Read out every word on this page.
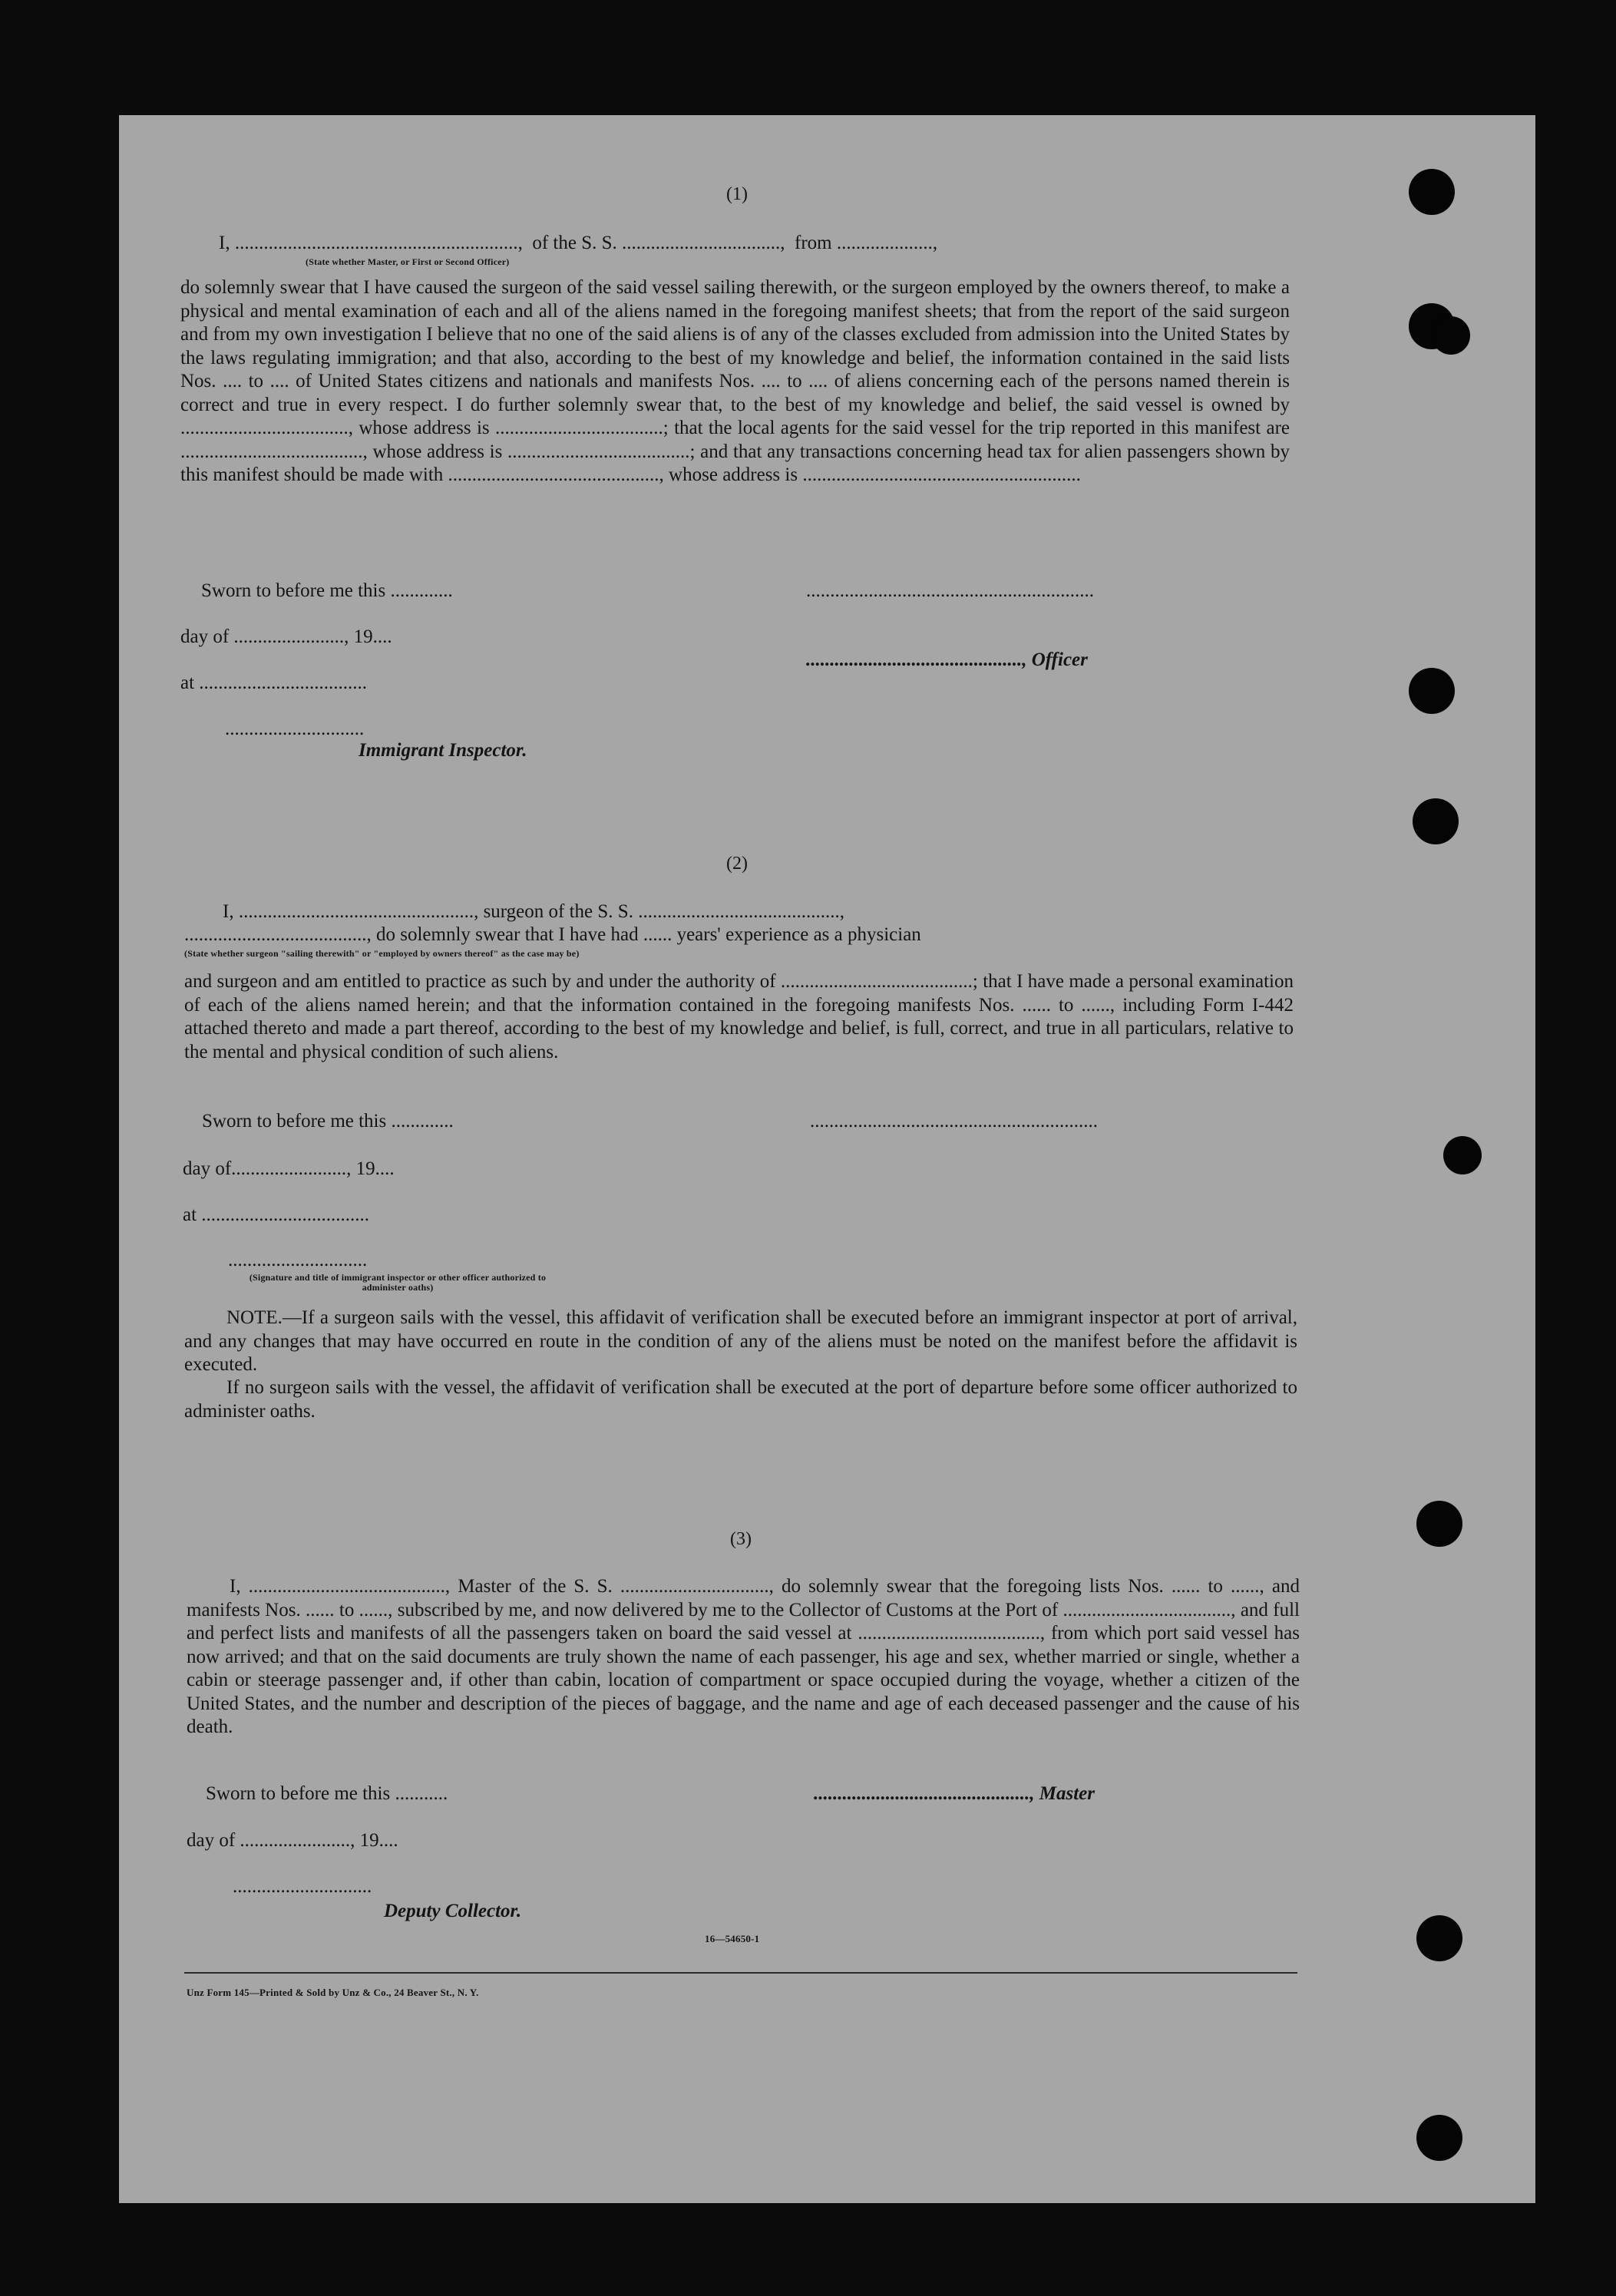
(1)
I, ...........................................................,  of the S. S. .................................,  from ....................,
(State whether Master, or First or Second Officer)
do solemnly swear that I have caused the surgeon of the said vessel sailing therewith, or the surgeon employed by the owners thereof, to make a physical and mental examination of each and all of the aliens named in the foregoing manifest sheets; that from the report of the said surgeon and from my own investigation I believe that no one of the said aliens is of any of the classes excluded from admission into the United States by the laws regulating immigration; and that also, according to the best of my knowledge and belief, the information contained in the said lists Nos. .... to .... of United States citizens and nationals and manifests Nos. .... to .... of aliens concerning each of the persons named therein is correct and true in every respect. I do further solemnly swear that, to the best of my knowledge and belief, the said vessel is owned by ..................................., whose address is ...................................; that the local agents for the said vessel for the trip reported in this manifest are ......................................, whose address is ......................................; and that any transactions concerning head tax for alien passengers shown by this manifest should be made with ............................................, whose address is ..........................................................
Sworn to before me this .............	............................................................
day of ......................., 19....
............................................., Officer
at ...................................
.............................
Immigrant Inspector.
(2)
I, ................................................., surgeon of the S. S. ..........................................,
......................................, do solemnly swear that I have had ...... years' experience as a physician
(State whether surgeon "sailing therewith" or "employed by owners thereof" as the case may be)
and surgeon and am entitled to practice as such by and under the authority of ........................................; that I have made a personal examination of each of the aliens named herein; and that the information contained in the foregoing manifests Nos. ...... to ......, including Form I-442 attached thereto and made a part thereof, according to the best of my knowledge and belief, is full, correct, and true in all particulars, relative to the mental and physical condition of such aliens.
Sworn to before me this .............	............................................................
day of........................, 19....
at ...................................
.............................
(Signature and title of immigrant inspector or other officer authorized to administer oaths)
NOTE.—If a surgeon sails with the vessel, this affidavit of verification shall be executed before an immigrant inspector at port of arrival, and any changes that may have occurred en route in the condition of any of the aliens must be noted on the manifest before the affidavit is executed.
If no surgeon sails with the vessel, the affidavit of verification shall be executed at the port of departure before some officer authorized to administer oaths.
(3)
I, ........................................., Master of the S. S. ..............................., do solemnly swear that the foregoing lists Nos. ...... to ......, and manifests Nos. ...... to ......, subscribed by me, and now delivered by me to the Collector of Customs at the Port of ..................................., and full and perfect lists and manifests of all the passengers taken on board the said vessel at ......................................, from which port said vessel has now arrived; and that on the said documents are truly shown the name of each passenger, his age and sex, whether married or single, whether a cabin or steerage passenger and, if other than cabin, location of compartment or space occupied during the voyage, whether a citizen of the United States, and the number and description of the pieces of baggage, and the name and age of each deceased passenger and the cause of his death.
Sworn to before me this ...........	............................................., Master
day of ......................., 19....
.............................
Deputy Collector.
16—54650-1
Unz Form 145—Printed & Sold by Unz & Co., 24 Beaver St., N. Y.
